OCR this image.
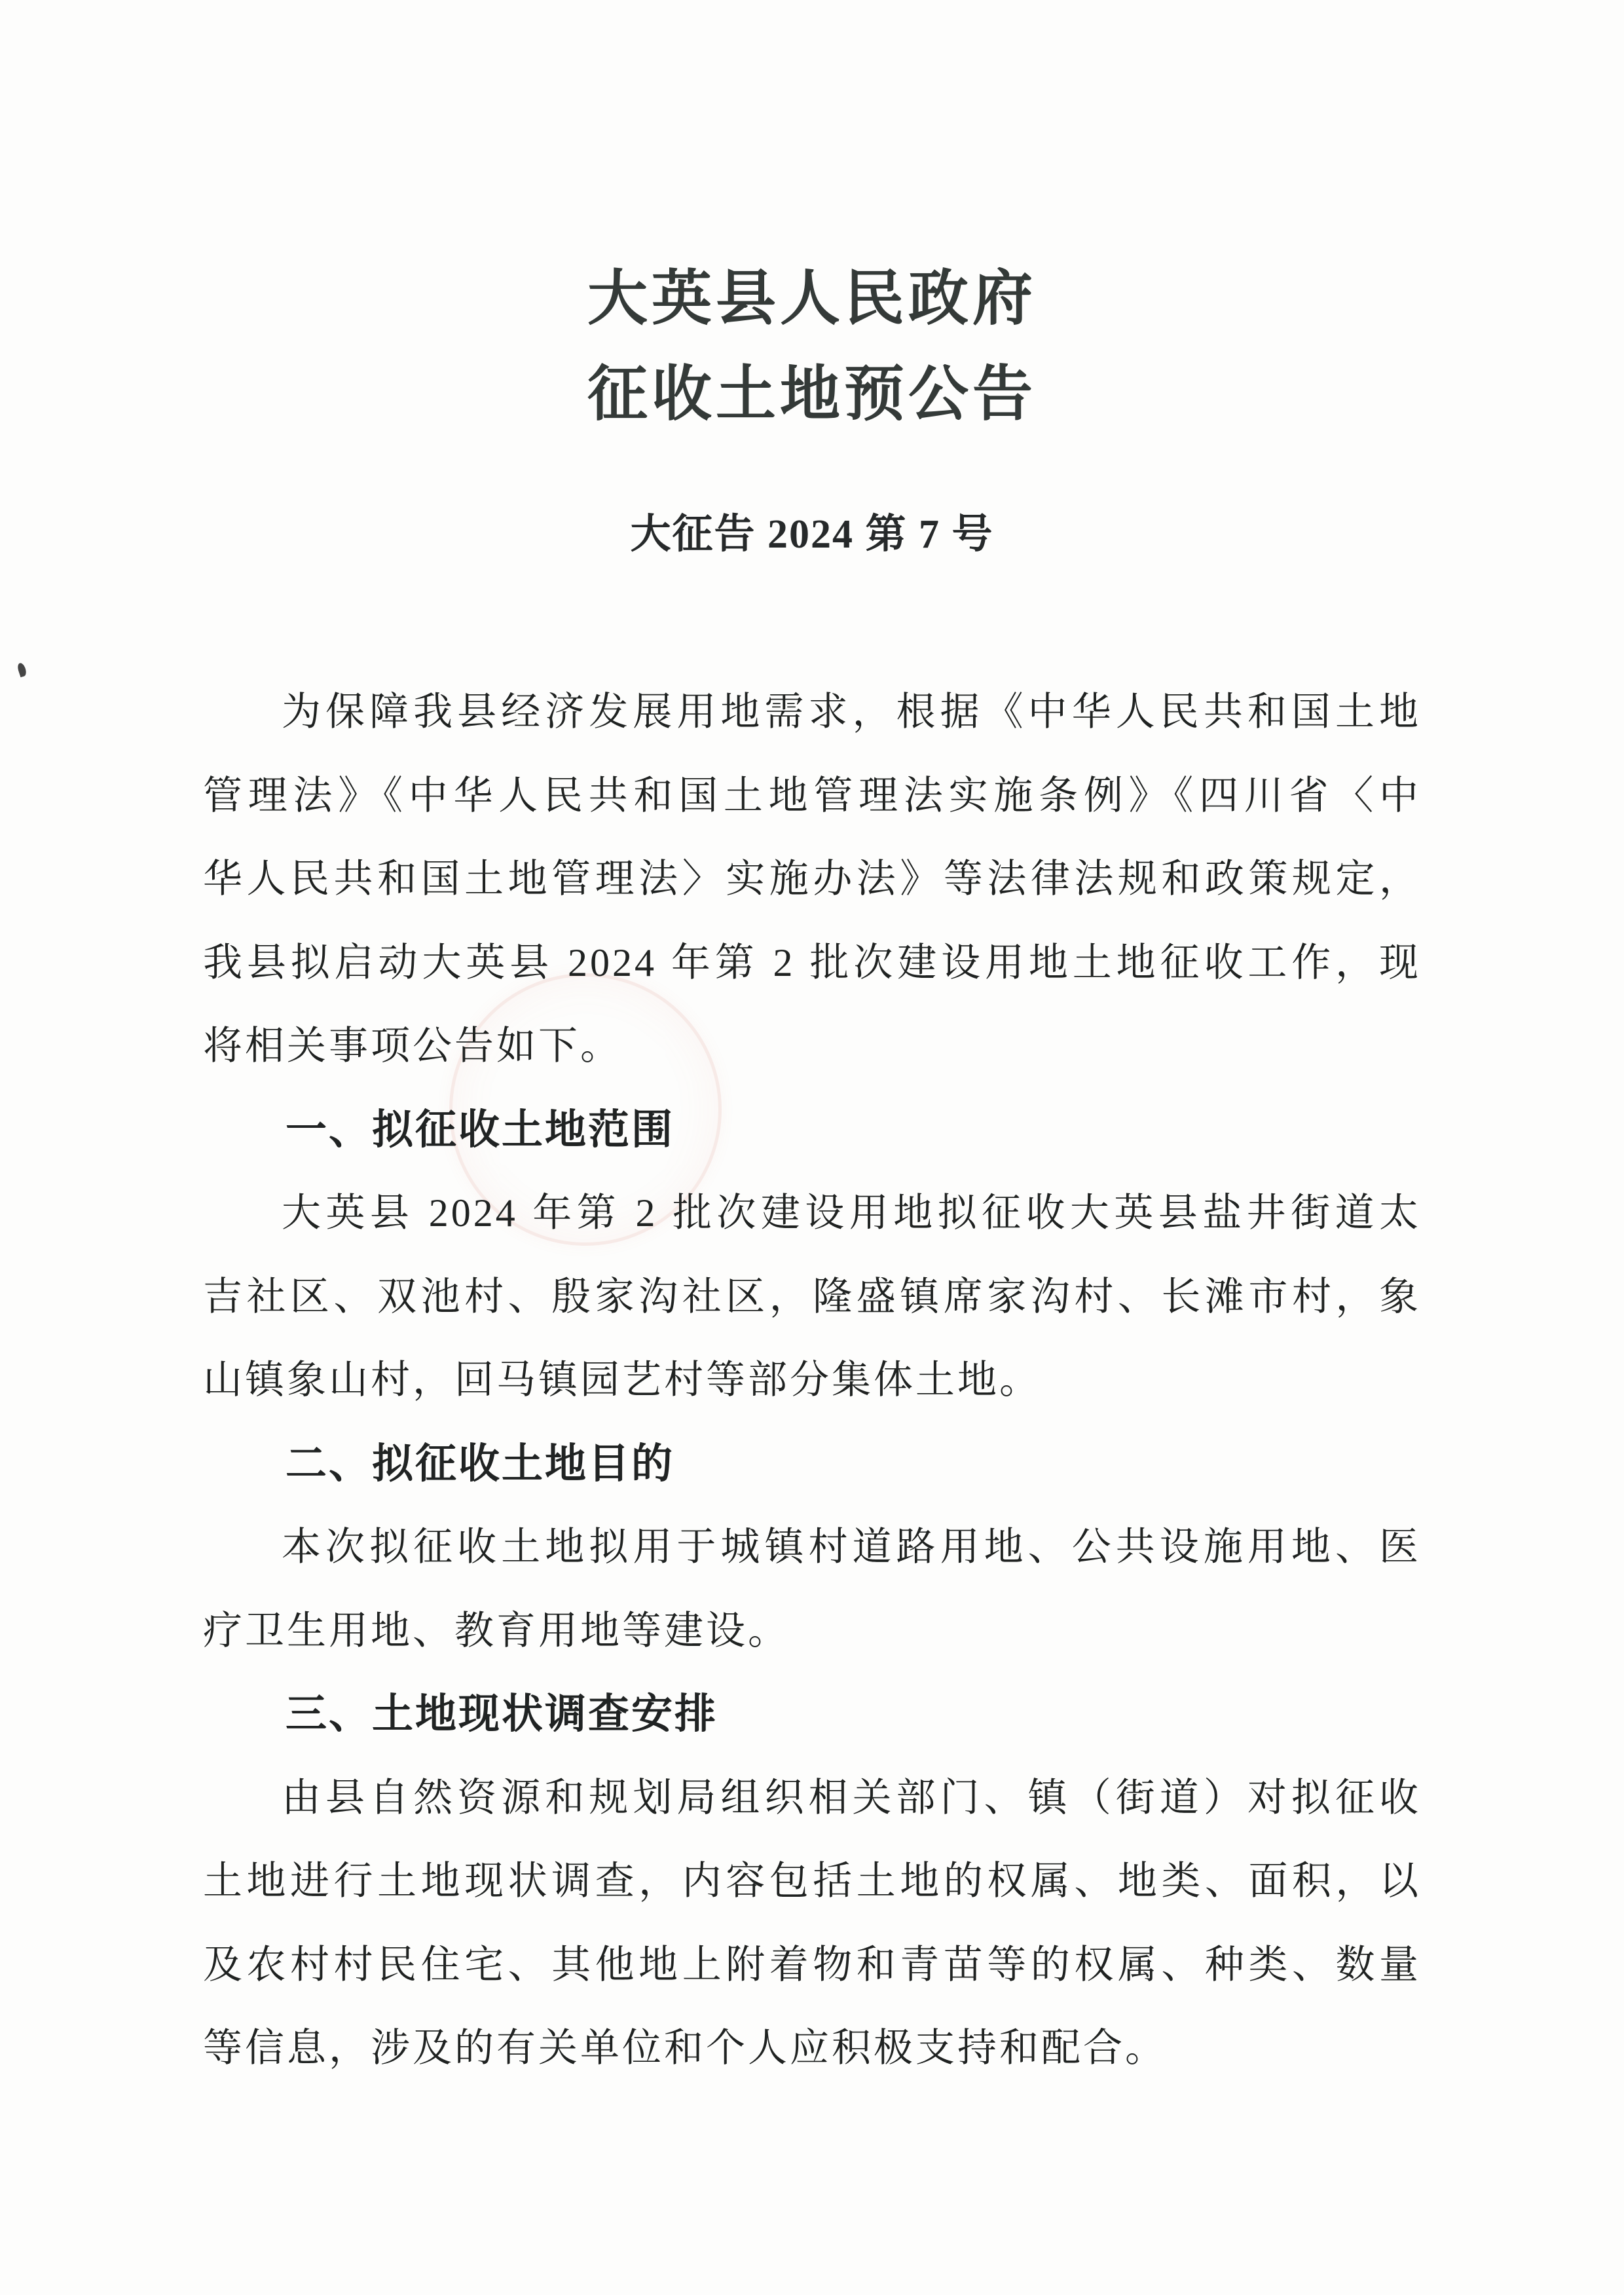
大英县人民政府
征收土地预公告
大征告 2024 第 7 号
为保障我县经济发展用地需求，根据《中华人民共和国土地
管理法》《中华人民共和国土地管理法实施条例》《四川省〈中
华人民共和国土地管理法〉实施办法》等法律法规和政策规定，
我县拟启动大英县 2024 年第 2 批次建设用地土地征收工作，现
将相关事项公告如下。
一、拟征收土地范围
大英县 2024 年第 2 批次建设用地拟征收大英县盐井街道太
吉社区、双池村、殷家沟社区，隆盛镇席家沟村、长滩市村，象
山镇象山村，回马镇园艺村等部分集体土地。
二、拟征收土地目的
本次拟征收土地拟用于城镇村道路用地、公共设施用地、医
疗卫生用地、教育用地等建设。
三、土地现状调查安排
由县自然资源和规划局组织相关部门、镇（街道）对拟征收
土地进行土地现状调查，内容包括土地的权属、地类、面积，以
及农村村民住宅、其他地上附着物和青苗等的权属、种类、数量
等信息，涉及的有关单位和个人应积极支持和配合。
